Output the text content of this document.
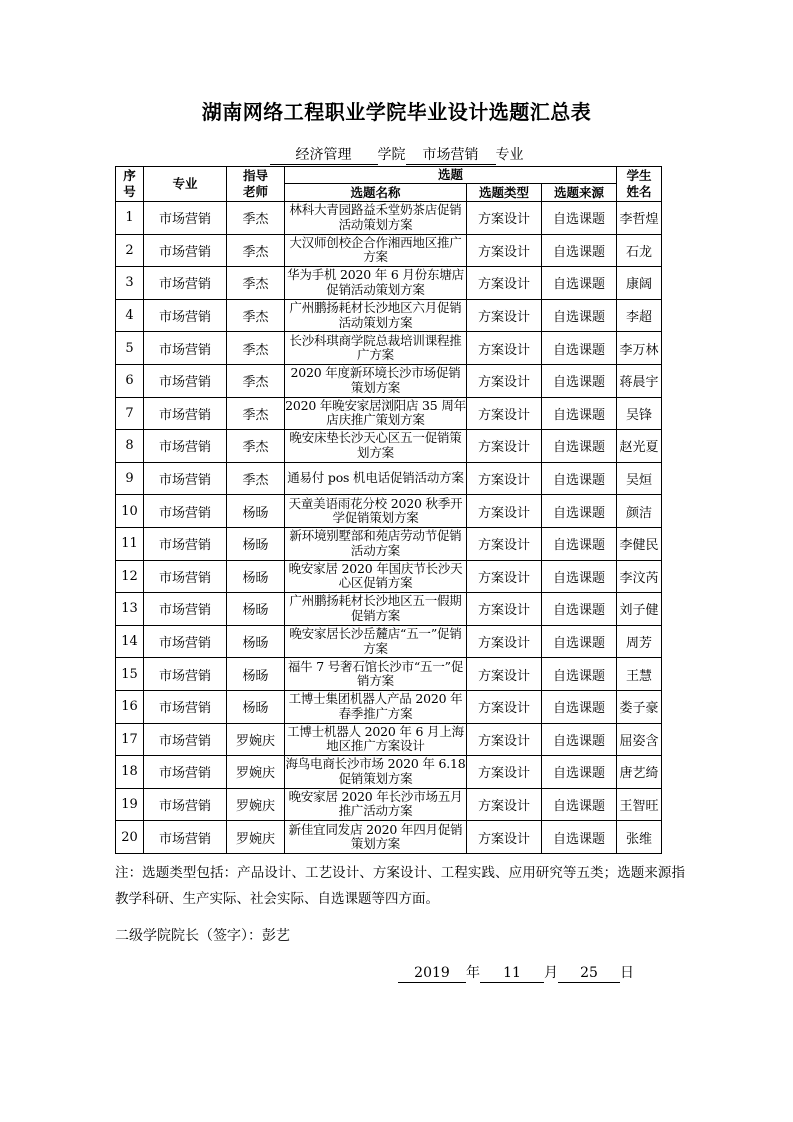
湖南网络工程职业学院毕业设计选题汇总表
经济管理 学院 市场营销 专业
序号	专业	指导老师	选题			学生姓名
			选题名称	选题类型	选题来源	
1	市场营销	季杰	林科大青园路益禾堂奶茶店促销活动策划方案	方案设计	自选课题	李哲煌
2	市场营销	季杰	大汉师创校企合作湘西地区推广方案	方案设计	自选课题	石龙
3	市场营销	季杰	华为手机 2020 年 6 月份东塘店促销活动策划方案	方案设计	自选课题	康阔
4	市场营销	季杰	广州鹏扬耗材长沙地区六月促销活动策划方案	方案设计	自选课题	李超
5	市场营销	季杰	长沙科琪商学院总裁培训课程推广方案	方案设计	自选课题	李万林
6	市场营销	季杰	2020 年度新环境长沙市场促销策划方案	方案设计	自选课题	蒋晨宇
7	市场营销	季杰	2020 年晚安家居浏阳店 35 周年店庆推广策划方案	方案设计	自选课题	吴锋
8	市场营销	季杰	晚安床垫长沙天心区五一促销策划方案	方案设计	自选课题	赵光夏
9	市场营销	季杰	通易付 pos 机电话促销活动方案	方案设计	自选课题	吴烜
10	市场营销	杨旸	天童美语雨花分校 2020 秋季开学促销策划方案	方案设计	自选课题	颜洁
11	市场营销	杨旸	新环境别墅部和苑店劳动节促销活动方案	方案设计	自选课题	李健民
12	市场营销	杨旸	晚安家居 2020 年国庆节长沙天心区促销方案	方案设计	自选课题	李汶芮
13	市场营销	杨旸	广州鹏扬耗材长沙地区五一假期促销方案	方案设计	自选课题	刘子健
14	市场营销	杨旸	晚安家居长沙岳麓店“五一”促销方案	方案设计	自选课题	周芳
15	市场营销	杨旸	福牛 7 号奢石馆长沙市“五一”促销方案	方案设计	自选课题	王慧
16	市场营销	杨旸	工博士集团机器人产品 2020 年春季推广方案	方案设计	自选课题	娄子豪
17	市场营销	罗婉庆	工博士机器人 2020 年 6 月上海地区推广方案设计	方案设计	自选课题	屈姿含
18	市场营销	罗婉庆	海鸟电商长沙市场 2020 年 6.18 促销策划方案	方案设计	自选课题	唐艺绮
19	市场营销	罗婉庆	晚安家居 2020 年长沙市场五月推广活动方案	方案设计	自选课题	王智旺
20	市场营销	罗婉庆	新佳宜同发店 2020 年四月促销策划方案	方案设计	自选课题	张维
注：选题类型包括：产品设计、工艺设计、方案设计、工程实践、应用研究等五类；选题来源指教学科研、生产实际、社会实际、自选课题等四方面。
二级学院院长（签字）：彭艺
2019 年 11 月 25 日
